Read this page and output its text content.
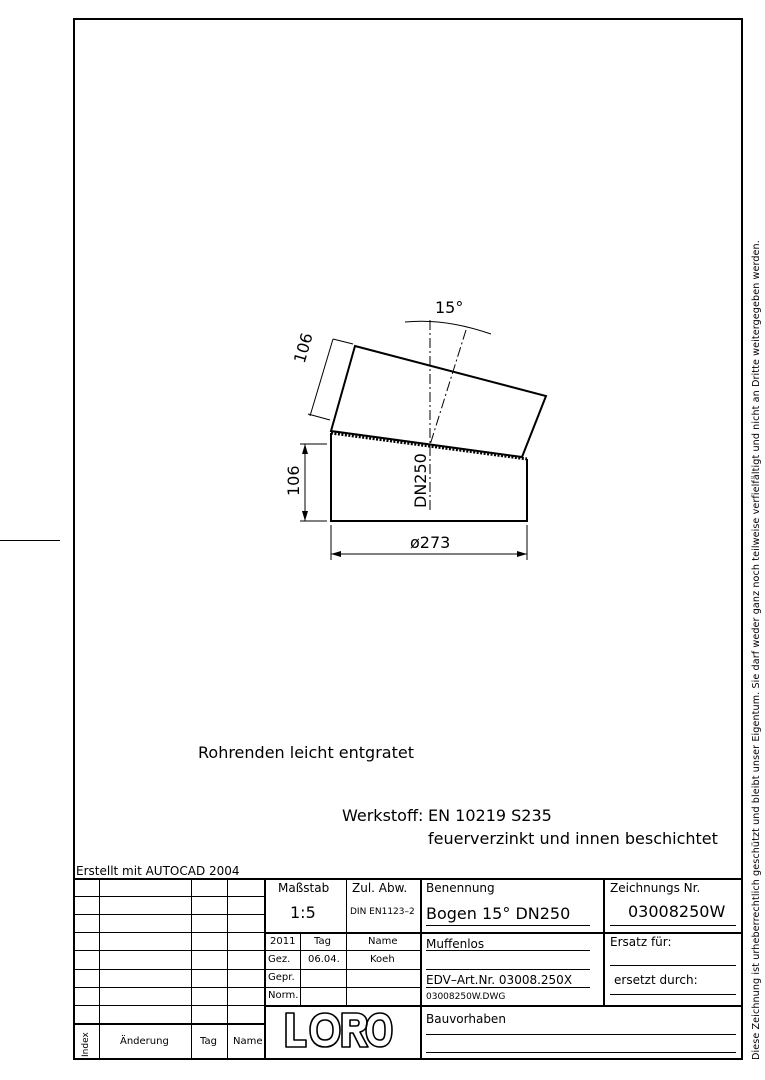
Diese Zeichnung ist urheberrechtlich geschützt und bleibt unser Eigentum. Sie darf weder ganz noch teilweise verfielfältigt und nicht an Dritte weitergegeben werden.
15°
106
106	DN250
ø273
Rohrenden leicht entgratet
Werkstoff: EN 10219 S235
feuerverzinkt und innen beschichtet
Erstellt mit AUTOCAD 2004
Maßstab
1:5
Zul. Abw.
DIN EN1123–2
Benennung
Bogen 15° DN250
Zeichnungs Nr.
03008250W
2011 Tag	Name
Gez. 06.04.	Koeh
Gepr.
Norm.
Muffenlos
EDV–Art.Nr. 03008.250X
03008250W.DWG
Ersatz für:
ersetzt durch:
Bauvorhaben
Index	Änderung	Tag Name
